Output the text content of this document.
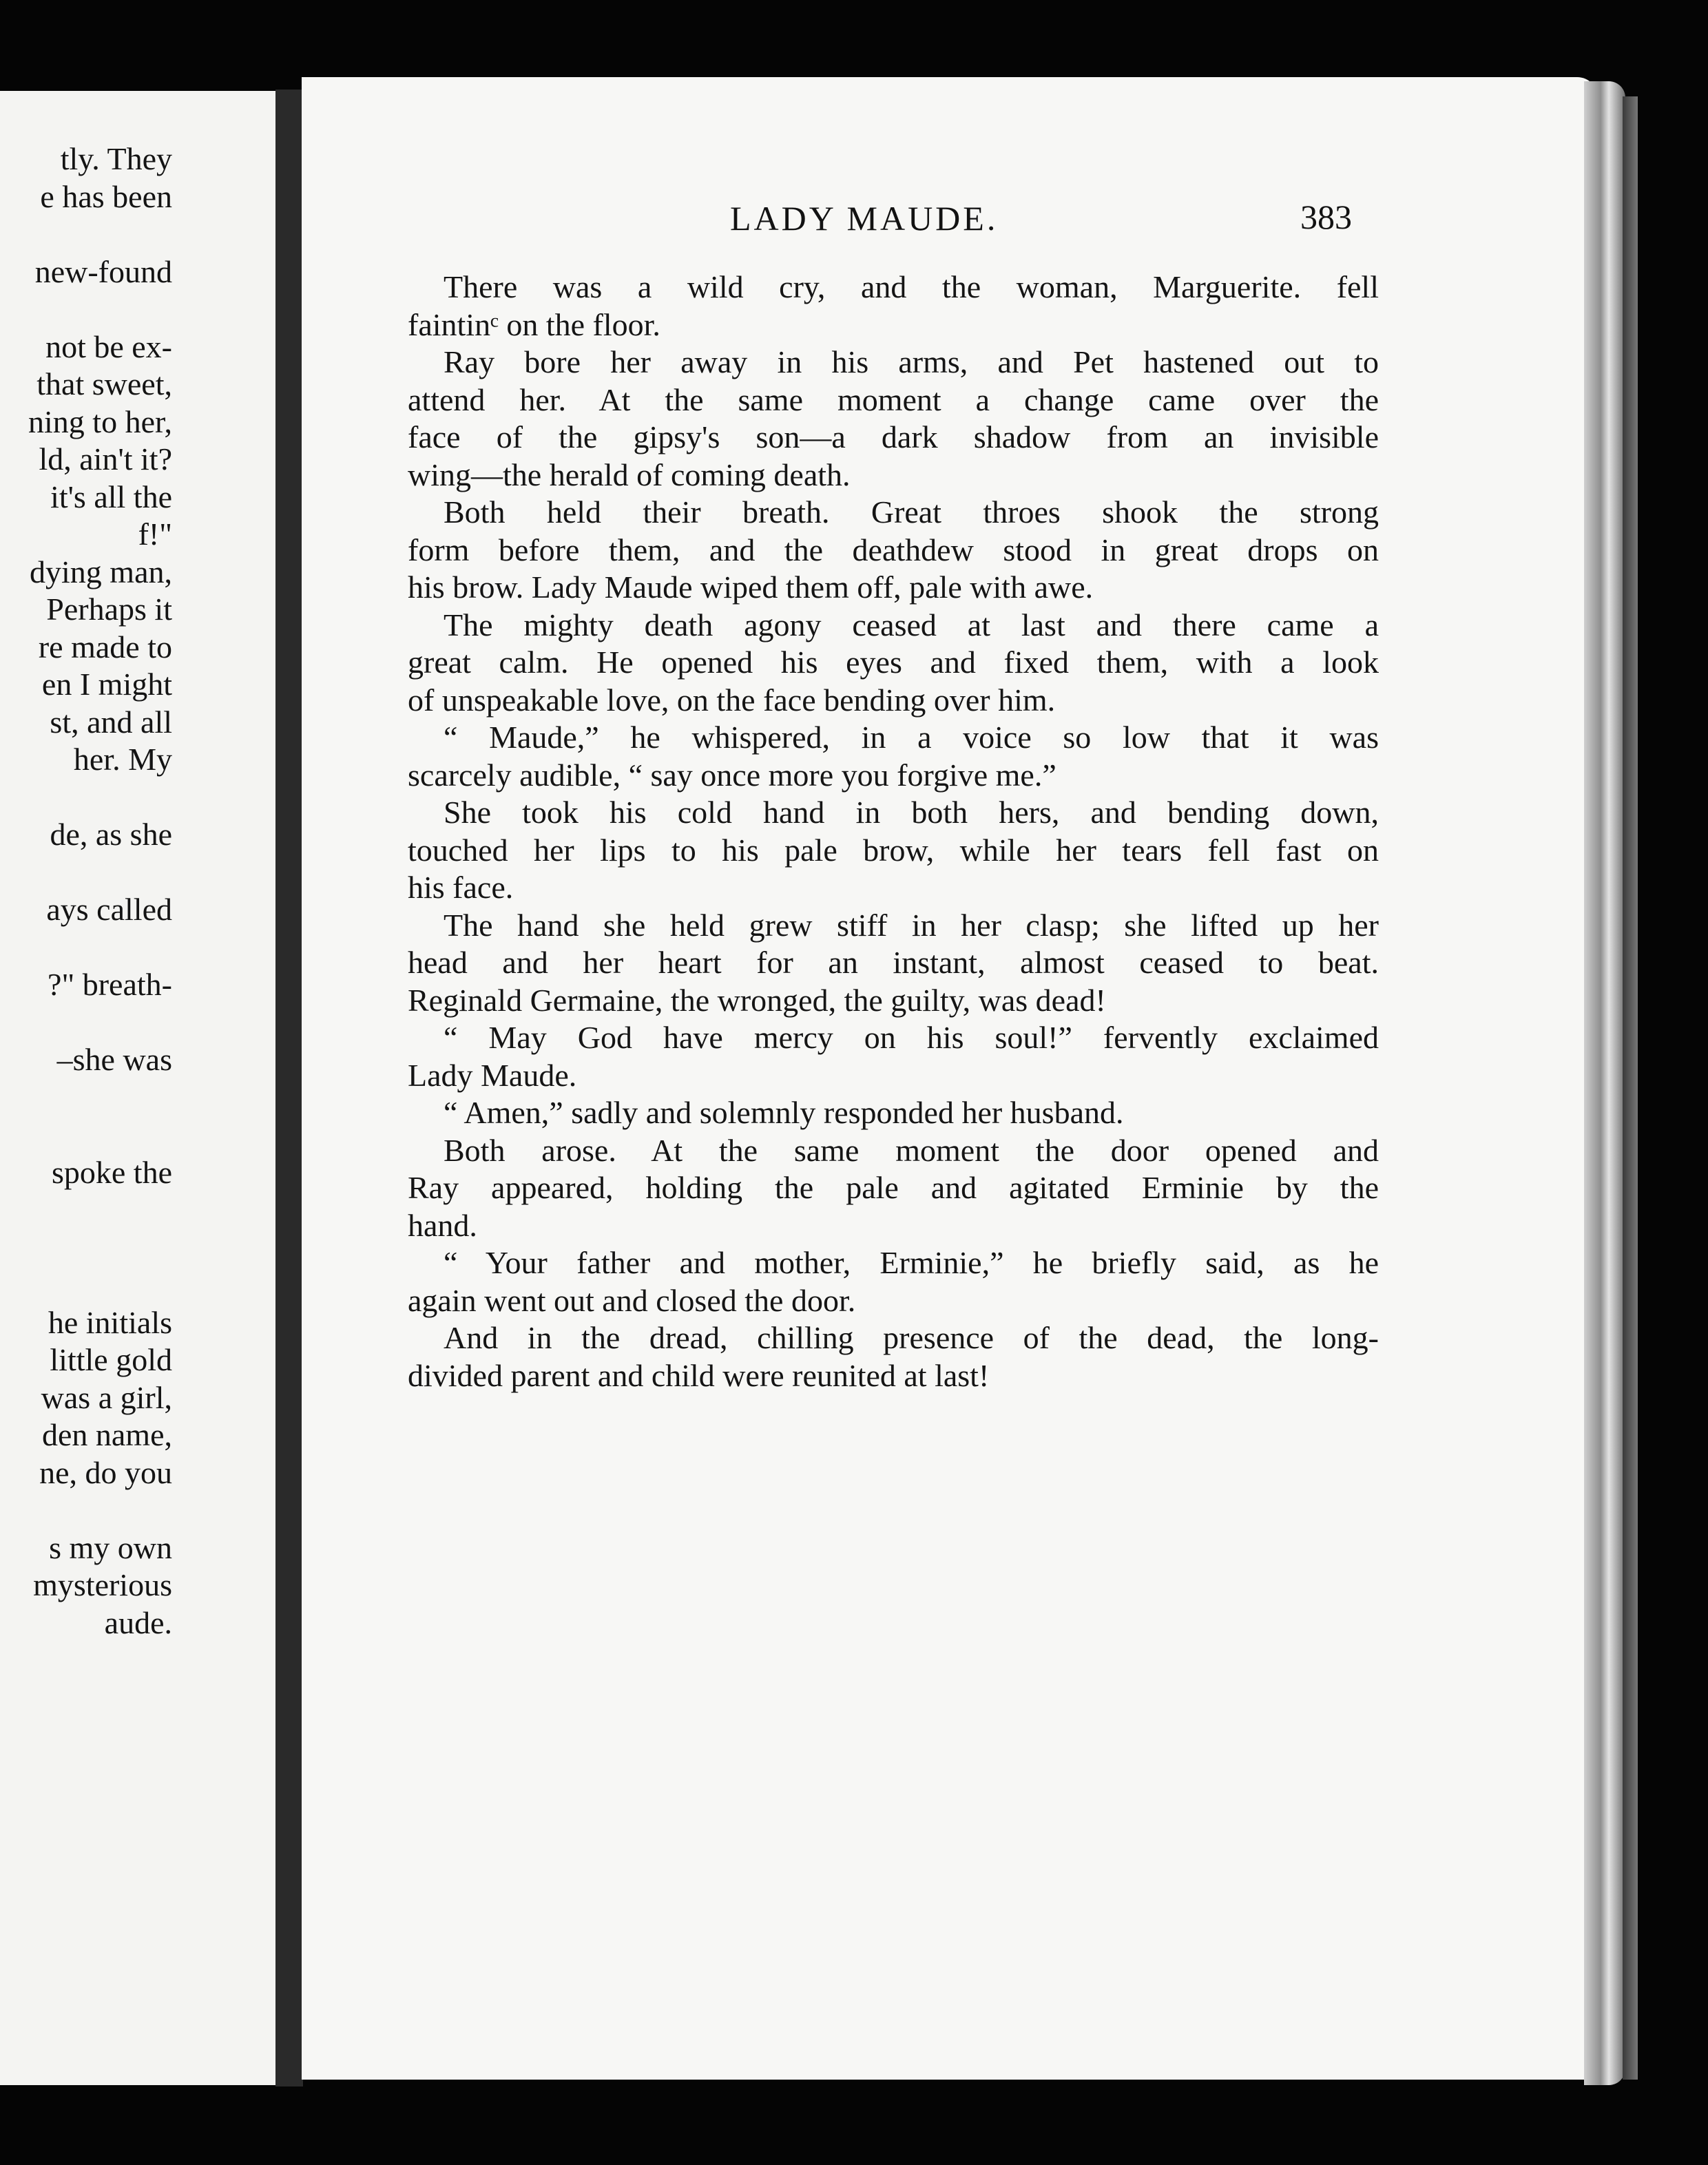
tly. They
e has been
new-found
not be ex-
that sweet,
ning to her,
ld, ain't it?
it's all the
f!"
dying man,
Perhaps it
re made to
en I might
st, and all
her. My
de, as she
ays called
?" breath-
–she was
spoke the
he initials
little gold
was a girl,
den name,
ne, do you
s my own
mysterious
aude.
LADY MAUDE.	383
There was a wild cry, and the woman, Marguerite. fell
faintinᶜ on the floor.
Ray bore her away in his arms, and Pet hastened out to
attend her. At the same moment a change came over the
face of the gipsy's son—a dark shadow from an invisible
wing—the herald of coming death.
Both held their breath. Great throes shook the strong
form before them, and the deathdew stood in great drops on
his brow. Lady Maude wiped them off, pale with awe.
The mighty death agony ceased at last and there came a
great calm. He opened his eyes and fixed them, with a look
of unspeakable love, on the face bending over him.
“ Maude,” he whispered, in a voice so low that it was
scarcely audible, “ say once more you forgive me.”
She took his cold hand in both hers, and bending down,
touched her lips to his pale brow, while her tears fell fast on
his face.
The hand she held grew stiff in her clasp; she lifted up her
head and her heart for an instant, almost ceased to beat.
Reginald Germaine, the wronged, the guilty, was dead!
“ May God have mercy on his soul!” fervently exclaimed
Lady Maude.
“ Amen,” sadly and solemnly responded her husband.
Both arose. At the same moment the door opened and
Ray appeared, holding the pale and agitated Erminie by the
hand.
“ Your father and mother, Erminie,” he briefly said, as he
again went out and closed the door.
And in the dread, chilling presence of the dead, the long-
divided parent and child were reunited at last!
